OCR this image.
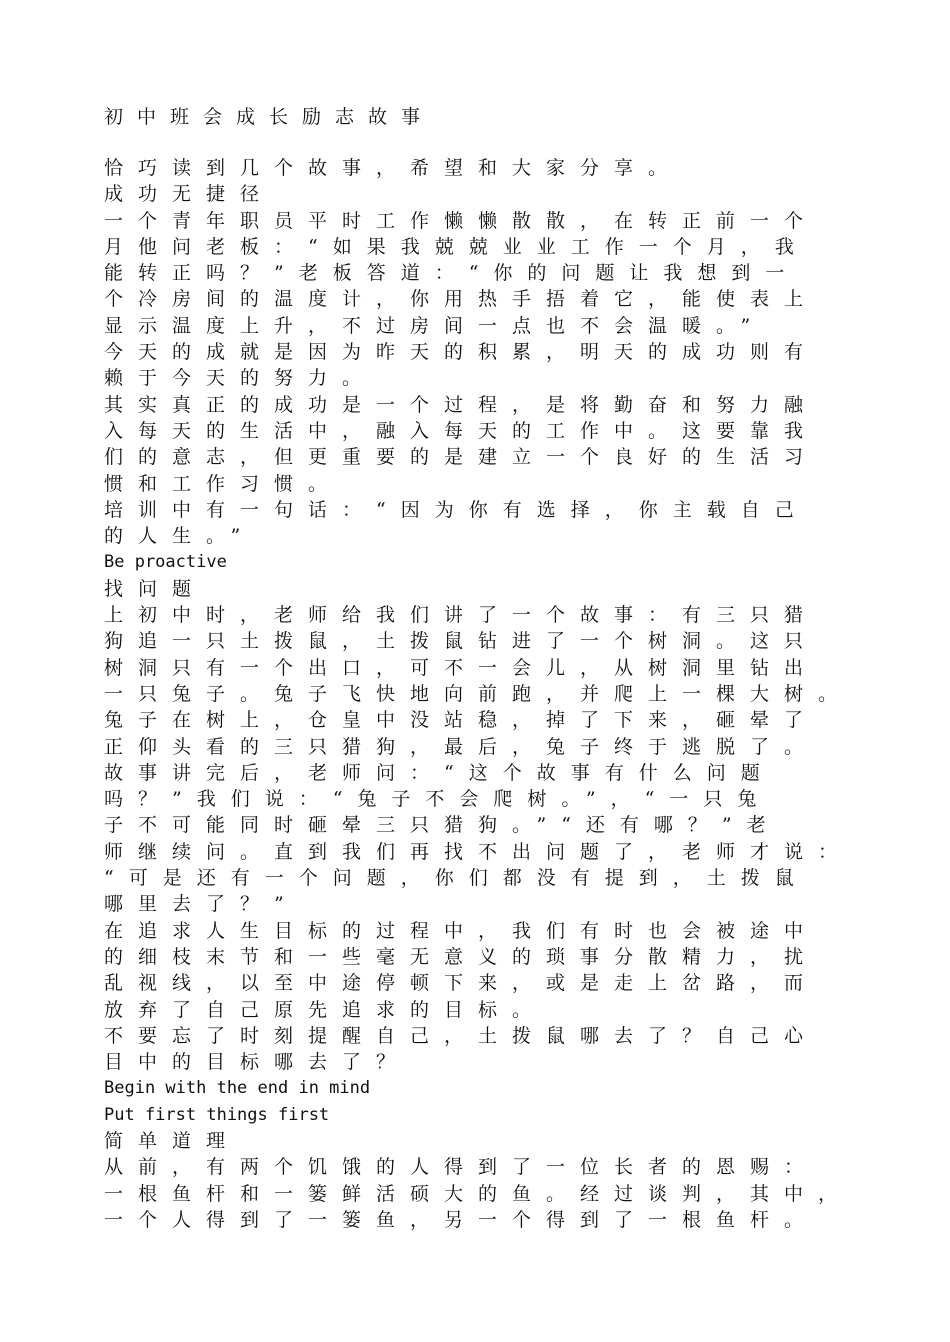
初中班会成长励志故事
恰巧读到几个故事，希望和大家分享。
成功无捷径
一个青年职员平时工作懒懒散散，在转正前一个
月他问老板：“如果我兢兢业业工作一个月，我
能转正吗？”老板答道：“你的问题让我想到一
个冷房间的温度计，你用热手捂着它，能使表上
显示温度上升，不过房间一点也不会温暖。”
今天的成就是因为昨天的积累，明天的成功则有
赖于今天的努力。
其实真正的成功是一个过程，是将勤奋和努力融
入每天的生活中，融入每天的工作中。这要靠我
们的意志，但更重要的是建立一个良好的生活习
惯和工作习惯。
培训中有一句话：“因为你有选择，你主载自己
的人生。”
Be proactive
找问题
上初中时，老师给我们讲了一个故事：有三只猎
狗追一只土拨鼠，土拨鼠钻进了一个树洞。这只
树洞只有一个出口，可不一会儿，从树洞里钻出
一只兔子。兔子飞快地向前跑，并爬上一棵大树。
兔子在树上，仓皇中没站稳，掉了下来，砸晕了
正仰头看的三只猎狗，最后，兔子终于逃脱了。
故事讲完后，老师问：“这个故事有什么问题
吗？”我们说：“兔子不会爬树。”，“一只兔
子不可能同时砸晕三只猎狗。”“还有哪？”老
师继续问。直到我们再找不出问题了，老师才说：
“可是还有一个问题，你们都没有提到，土拨鼠
哪里去了？”
在追求人生目标的过程中，我们有时也会被途中
的细枝末节和一些毫无意义的琐事分散精力，扰
乱视线，以至中途停顿下来，或是走上岔路，而
放弃了自己原先追求的目标。
不要忘了时刻提醒自己，土拨鼠哪去了？自己心
目中的目标哪去了？
Begin with the end in mind
Put first things first
简单道理
从前，有两个饥饿的人得到了一位长者的恩赐：
一根鱼杆和一篓鲜活硕大的鱼。经过谈判，其中，
一个人得到了一篓鱼，另一个得到了一根鱼杆。
